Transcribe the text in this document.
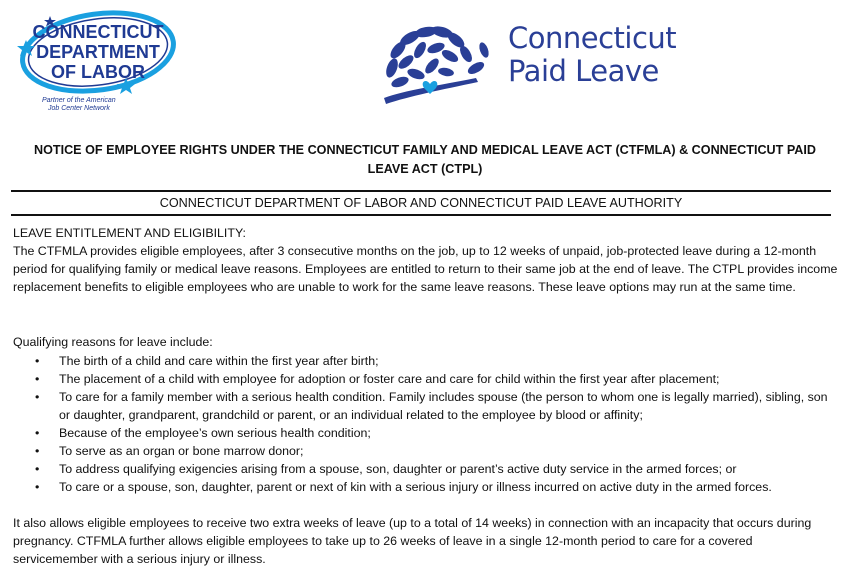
CONNECTICUT
DEPARTMENT
OF LABOR
Partner of the American
Job Center Network
Connecticut
Paid Leave
NOTICE OF EMPLOYEE RIGHTS UNDER THE CONNECTICUT FAMILY AND MEDICAL LEAVE ACT (CTFMLA) & CONNECTICUT PAID LEAVE ACT (CTPL)
CONNECTICUT DEPARTMENT OF LABOR AND CONNECTICUT PAID LEAVE AUTHORITY
LEAVE ENTITLEMENT AND ELIGIBILITY:
The CTFMLA provides eligible employees, after 3 consecutive months on the job, up to 12 weeks of unpaid, job-protected leave during a 12-month period for qualifying family or medical leave reasons. Employees are entitled to return to their same job at the end of leave. The CTPL provides income replacement benefits to eligible employees who are unable to work for the same leave reasons. These leave options may run at the same time.
Qualifying reasons for leave include:
• The birth of a child and care within the first year after birth;
• The placement of a child with employee for adoption or foster care and care for child within the first year after placement;
• To care for a family member with a serious health condition. Family includes spouse (the person to whom one is legally married), sibling, son or daughter, grandparent, grandchild or parent, or an individual related to the employee by blood or affinity;
• Because of the employee’s own serious health condition;
• To serve as an organ or bone marrow donor;
• To address qualifying exigencies arising from a spouse, son, daughter or parent’s active duty service in the armed forces; or
• To care or a spouse, son, daughter, parent or next of kin with a serious injury or illness incurred on active duty in the armed forces.
It also allows eligible employees to receive two extra weeks of leave (up to a total of 14 weeks) in connection with an incapacity that occurs during pregnancy. CTFMLA further allows eligible employees to take up to 26 weeks of leave in a single 12-month period to care for a covered servicemember with a serious injury or illness.
